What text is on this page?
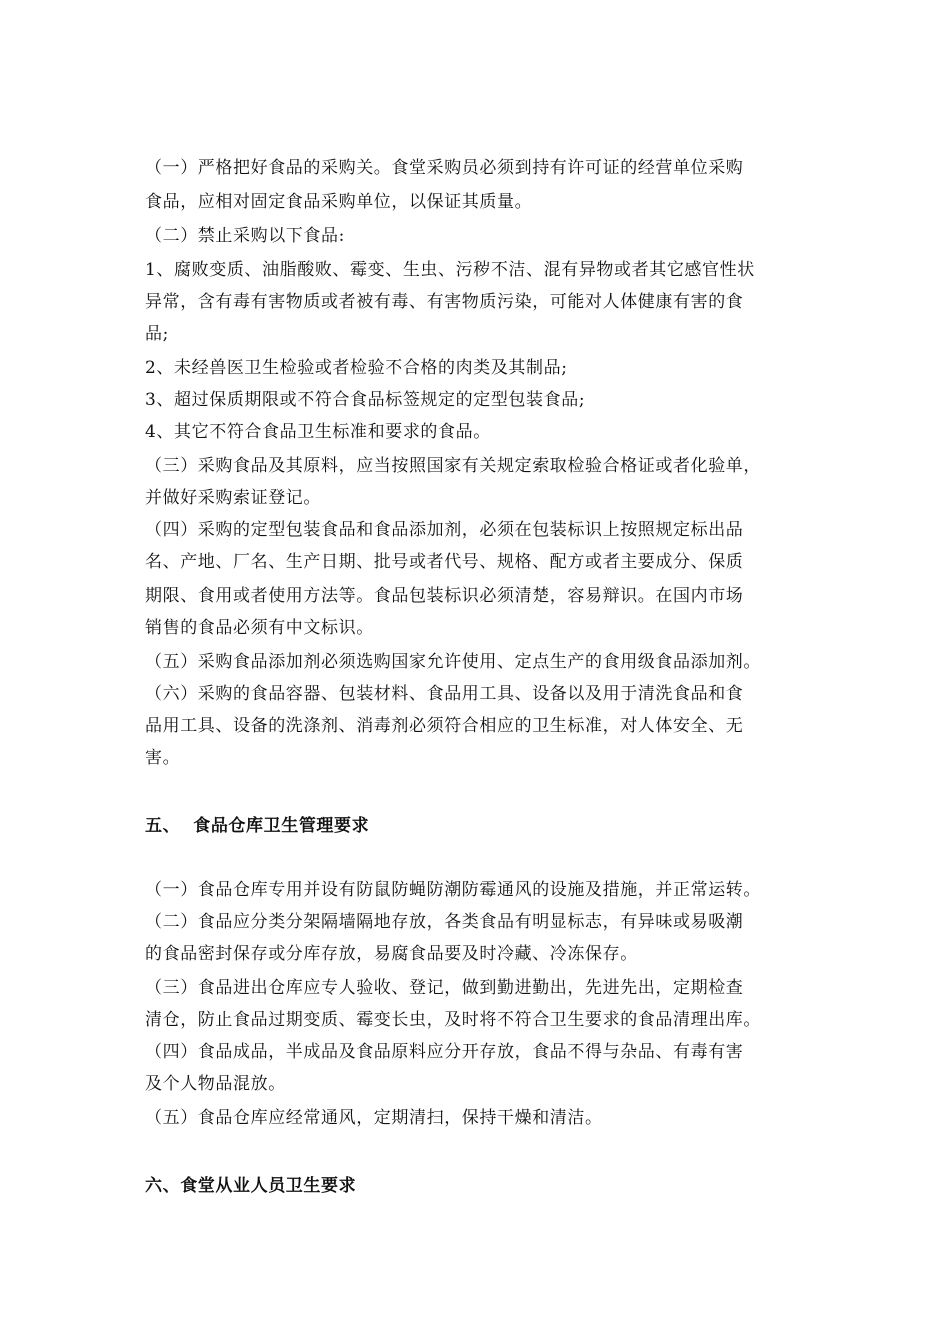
（一）严格把好食品的采购关。食堂采购员必须到持有许可证的经营单位采购
食品，应相对固定食品采购单位，以保证其质量。
（二）禁止采购以下食品:
1、腐败变质、油脂酸败、霉变、生虫、污秽不洁、混有异物或者其它感官性状
异常，含有毒有害物质或者被有毒、有害物质污染，可能对人体健康有害的食
品;
2、未经兽医卫生检验或者检验不合格的肉类及其制品;
3、超过保质期限或不符合食品标签规定的定型包装食品;
4、其它不符合食品卫生标准和要求的食品。
（三）采购食品及其原料，应当按照国家有关规定索取检验合格证或者化验单，
并做好采购索证登记。
（四）采购的定型包装食品和食品添加剂，必须在包装标识上按照规定标出品
名、产地、厂名、生产日期、批号或者代号、规格、配方或者主要成分、保质
期限、食用或者使用方法等。食品包装标识必须清楚，容易辩识。在国内市场
销售的食品必须有中文标识。
（五）采购食品添加剂必须选购国家允许使用、定点生产的食用级食品添加剂。
（六）采购的食品容器、包装材料、食品用工具、设备以及用于清洗食品和食
品用工具、设备的洗涤剂、消毒剂必须符合相应的卫生标准，对人体安全、无
害。
五、  食品仓库卫生管理要求
（一）食品仓库专用并设有防鼠防蝇防潮防霉通风的设施及措施，并正常运转。
（二）食品应分类分架隔墙隔地存放，各类食品有明显标志，有异味或易吸潮
的食品密封保存或分库存放，易腐食品要及时冷藏、冷冻保存。
（三）食品进出仓库应专人验收、登记，做到勤进勤出，先进先出，定期检查
清仓，防止食品过期变质、霉变长虫，及时将不符合卫生要求的食品清理出库。
（四）食品成品，半成品及食品原料应分开存放，食品不得与杂品、有毒有害
及个人物品混放。
（五）食品仓库应经常通风，定期清扫，保持干燥和清洁。
六、食堂从业人员卫生要求
